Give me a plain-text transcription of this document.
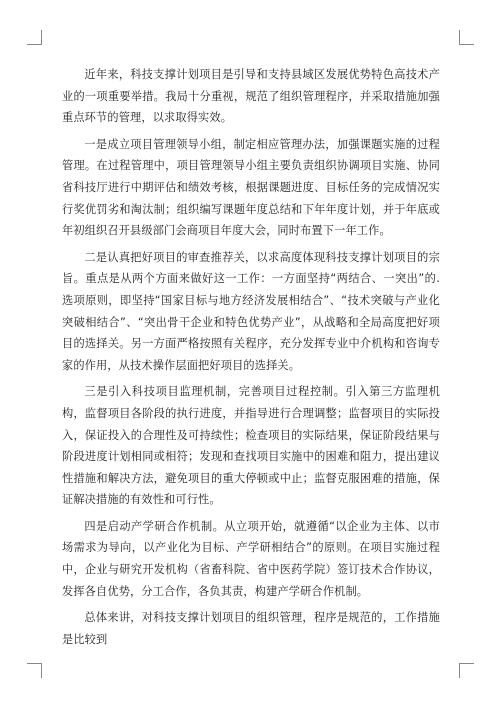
近年来，科技支撑计划项目是引导和支持县域区发展优势特色高技术产业的一项重要举措。我局十分重视，规范了组织管理程序，并采取措施加强重点环节的管理，以求取得实效。

一是成立项目管理领导小组，制定相应管理办法，加强课题实施的过程管理。在过程管理中，项目管理领导小组主要负责组织协调项目实施、协同省科技厅进行中期评估和绩效考核，根据课题进度、目标任务的完成情况实行奖优罚劣和淘汰制；组织编写课题年度总结和下年年度计划，并于年底或年初组织召开县级部门会商项目年度大会，同时布置下一年工作。

二是认真把好项目的审查推荐关，以求高度体现科技支撑计划项目的宗旨。重点是从两个方面来做好这一工作：一方面坚持“两结合、一突出”的.选项原则，即坚持“国家目标与地方经济发展相结合”、“技术突破与产业化突破相结合”、“突出骨干企业和特色优势产业”，从战略和全局高度把好项目的选择关。另一方面严格按照有关程序，充分发挥专业中介机构和咨询专家的作用，从技术操作层面把好项目的选择关。

三是引入科技项目监理机制，完善项目过程控制。引入第三方监理机构，监督项目各阶段的执行进度，并指导进行合理调整；监督项目的实际投入，保证投入的合理性及可持续性；检查项目的实际结果，保证阶段结果与阶段进度计划相同或相符；发现和查找项目实施中的困难和阻力，提出建议性措施和解决方法，避免项目的重大停顿或中止；监督克服困难的措施，保证解决措施的有效性和可行性。

四是启动产学研合作机制。从立项开始，就遵循“以企业为主体、以市场需求为导向，以产业化为目标、产学研相结合”的原则。在项目实施过程中，企业与研究开发机构（省畜科院、省中医药学院）签订技术合作协议，发挥各自优势，分工合作，各负其责，构建产学研合作机制。

总体来讲，对科技支撑计划项目的组织管理，程序是规范的，工作措施是比较到
